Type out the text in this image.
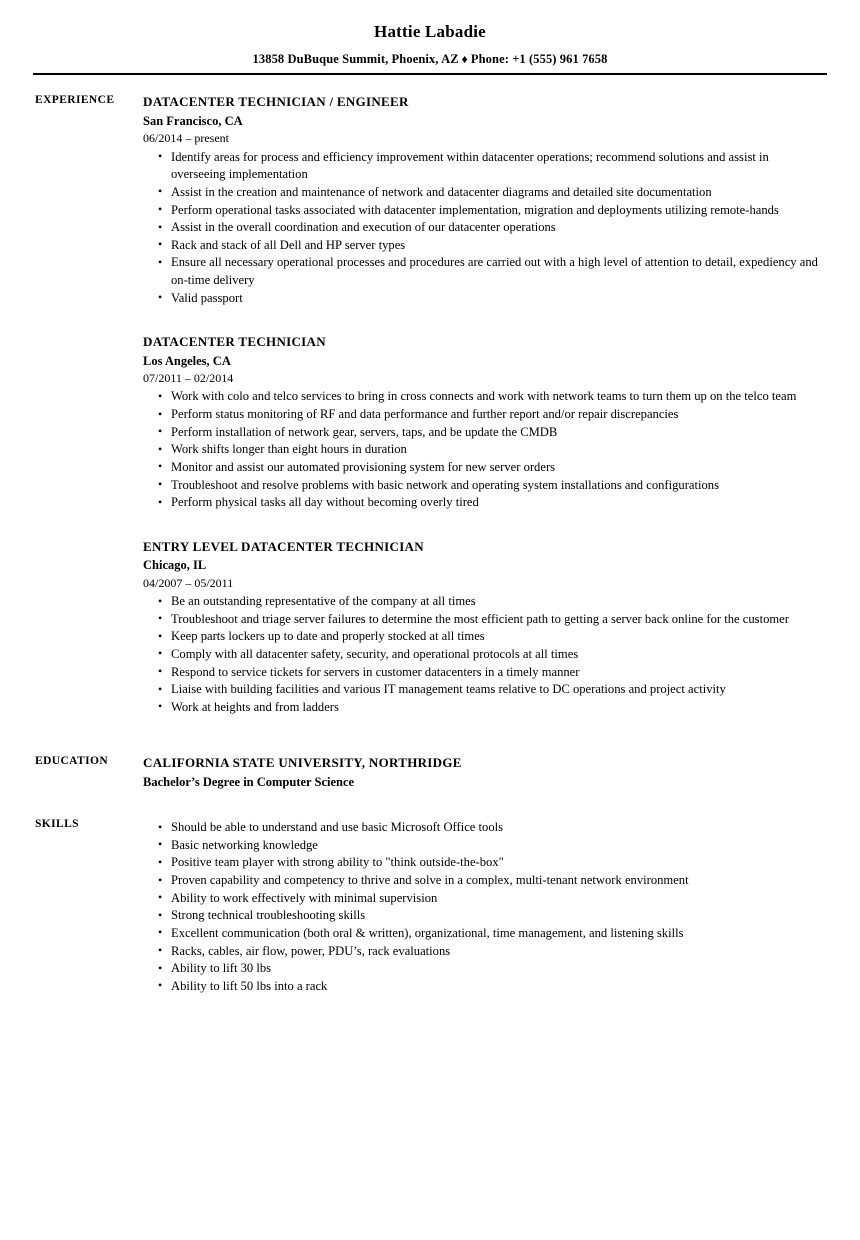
Hattie Labadie
13858 DuBuque Summit, Phoenix, AZ ♦ Phone: +1 (555) 961 7658
EXPERIENCE	DATACENTER TECHNICIAN / ENGINEER
San Francisco, CA
06/2014 – present
• Identify areas for process and efficiency improvement within datacenter operations; recommend solutions and assist in overseeing implementation
• Assist in the creation and maintenance of network and datacenter diagrams and detailed site documentation
• Perform operational tasks associated with datacenter implementation, migration and deployments utilizing remote-hands
• Assist in the overall coordination and execution of our datacenter operations
• Rack and stack of all Dell and HP server types
• Ensure all necessary operational processes and procedures are carried out with a high level of attention to detail, expediency and on-time delivery
• Valid passport
DATACENTER TECHNICIAN
Los Angeles, CA
07/2011 – 02/2014
• Work with colo and telco services to bring in cross connects and work with network teams to turn them up on the telco team
• Perform status monitoring of RF and data performance and further report and/or repair discrepancies
• Perform installation of network gear, servers, taps, and be update the CMDB
• Work shifts longer than eight hours in duration
• Monitor and assist our automated provisioning system for new server orders
• Troubleshoot and resolve problems with basic network and operating system installations and configurations
• Perform physical tasks all day without becoming overly tired
ENTRY LEVEL DATACENTER TECHNICIAN
Chicago, IL
04/2007 – 05/2011
• Be an outstanding representative of the company at all times
• Troubleshoot and triage server failures to determine the most efficient path to getting a server back online for the customer
• Keep parts lockers up to date and properly stocked at all times
• Comply with all datacenter safety, security, and operational protocols at all times
• Respond to service tickets for servers in customer datacenters in a timely manner
• Liaise with building facilities and various IT management teams relative to DC operations and project activity
• Work at heights and from ladders
EDUCATION	CALIFORNIA STATE UNIVERSITY, NORTHRIDGE
Bachelor’s Degree in Computer Science
SKILLS	• Should be able to understand and use basic Microsoft Office tools
• Basic networking knowledge
• Positive team player with strong ability to "think outside-the-box"
• Proven capability and competency to thrive and solve in a complex, multi-tenant network environment
• Ability to work effectively with minimal supervision
• Strong technical troubleshooting skills
• Excellent communication (both oral & written), organizational, time management, and listening skills
• Racks, cables, air flow, power, PDU’s, rack evaluations
• Ability to lift 30 lbs
• Ability to lift 50 lbs into a rack
